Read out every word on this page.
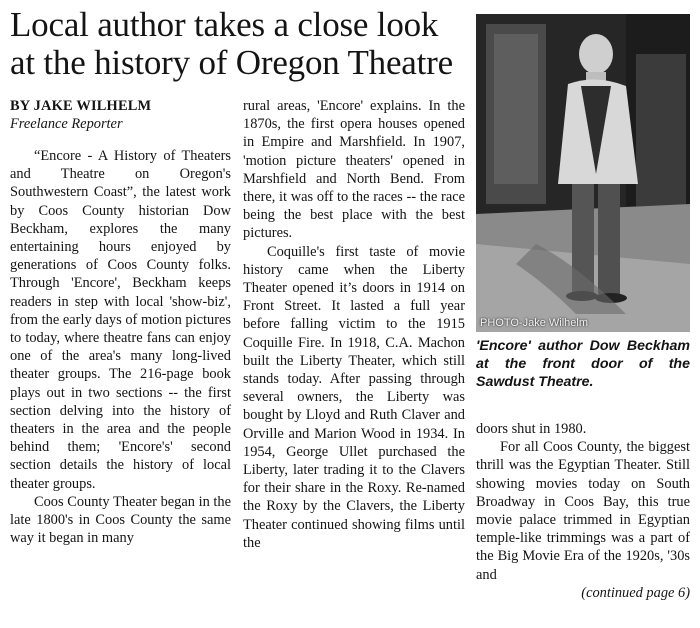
Local author takes a close look at the history of Oregon Theatre
BY JAKE WILHELM
Freelance Reporter

“Encore - A History of Theaters and Theatre on Oregon's Southwestern Coast”, the latest work by Coos County historian Dow Beckham, explores the many entertaining hours enjoyed by generations of Coos County folks. Through 'Encore', Beckham keeps readers in step with local 'show-biz', from the early days of motion pictures to today, where theatre fans can enjoy one of the area's many long-lived theater groups. The 216-page book plays out in two sections -- the first section delving into the history of theaters in the area and the people behind them; 'Encore's' second section details the history of local theater groups.

Coos County Theater began in the late 1800's in Coos County the same way it began in many

rural areas, 'Encore' explains. In the 1870s, the first opera houses opened in Empire and Marshfield. In 1907, 'motion picture theaters' opened in Marshfield and North Bend. From there, it was off to the races -- the race being the best place with the best pictures.

Coquille's first taste of movie history came when the Liberty Theater opened it’s doors in 1914 on Front Street. It lasted a full year before falling victim to the 1915 Coquille Fire. In 1918, C.A. Machon built the Liberty Theater, which still stands today. After passing through several owners, the Liberty was bought by Lloyd and Ruth Claver and Orville and Marion Wood in 1934. In 1954, George Ullet purchased the Liberty, later trading it to the Clavers for their share in the Roxy. Re-named the Roxy by the Clavers, the Liberty Theater continued showing films until the

PHOTO-Jake Wilhelm

'Encore' author Dow Beckham at the front door of the Sawdust Theatre.

doors shut in 1980.

For all Coos County, the biggest thrill was the Egyptian Theater. Still showing movies today on South Broadway in Coos Bay, this true movie palace trimmed in Egyptian temple-like trimmings was a part of the Big Movie Era of the 1920s, '30s and

(continued page 6)
